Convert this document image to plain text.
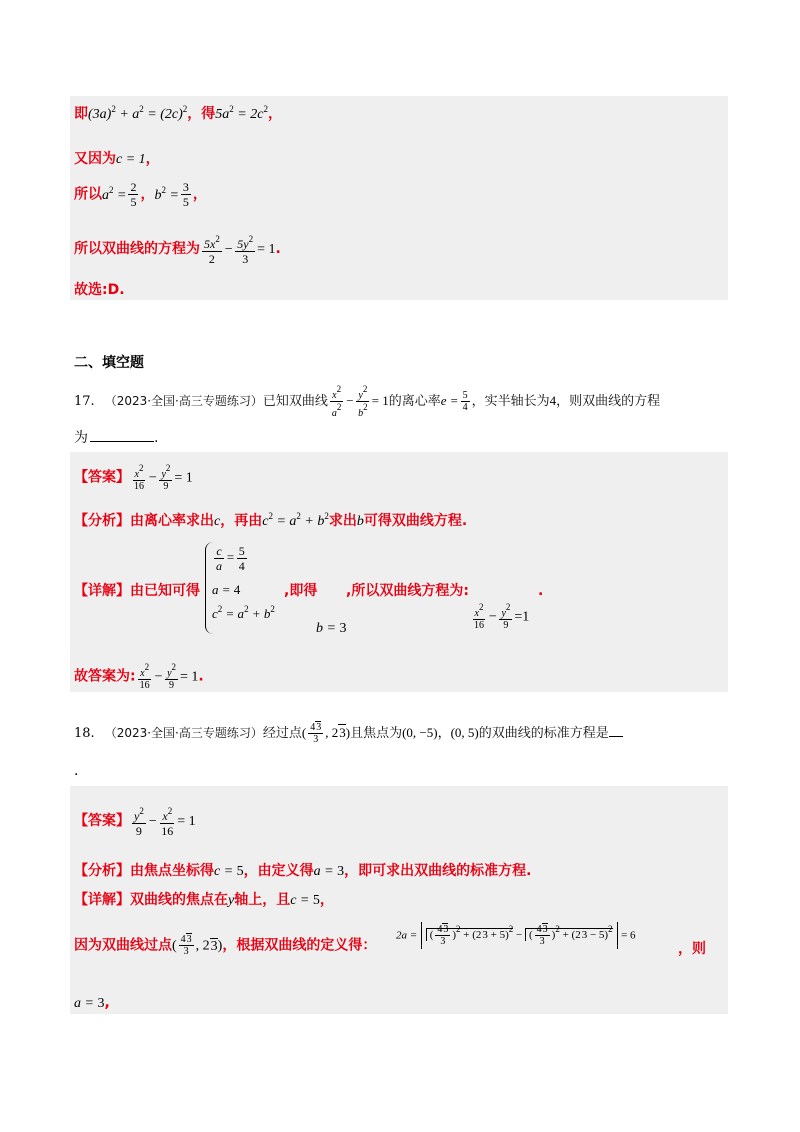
即$(3a)^2 + a^2 = (2c)^2$，得$5a^2 = 2c^2$，
又因为c = 1，
所以$a^2 = \frac{2}{5}$ ，$b^2 = \frac{3}{5}$ ，
所以双曲线的方程为 $\frac{5x^2}{2} - \frac{5y^2}{3} = 1$.
故选:D.
二、填空题
17. （2023·全国·高三专题练习）已知双曲线 $\frac{x^2}{a^2} - \frac{y^2}{b^2} = 1$的离心率$e = \frac{5}{4}$ ，实半轴长为4，则双曲线的方程
为	.
【答案】 $\frac{x^2}{16} - \frac{y^2}{9} = 1$
【分析】由离心率求出c，再由$c^2 = a^2 + b^2$求出b可得双曲线方程.
【详解】由已知可得
$\frac{c}{a} = \frac{5}{4}$
a = 4
$c^2 = a^2 + b^2$
,即得
b = 3
,所以双曲线方程为:	.
$\frac{x^2}{16} - \frac{y^2}{9} =1$
故答案为: $\frac{x^2}{16} - \frac{y^2}{9} = 1$.
18. （2023·全国·高三专题练习）经过点( $\frac{43}{3}$ , 23)且焦点为(0, −5)，(0, 5)的双曲线的标准方程是
.
【答案】 $\frac{y^2}{9} - \frac{x^2}{16} = 1$
【分析】由焦点坐标得c = 5，由定义得a = 3，即可求出双曲线的标准方程.
【详解】双曲线的焦点在y轴上，且c = 5，
因为双曲线过点( $\frac{43}{3}$ , 23)，根据双曲线的定义得：
2a = ( $\frac{43}{3} )^2 + (23 + 5)^2$ − ( $\frac{43}{3} )^2 + (23 - 5)^2 = 6$
，则
a = 3,
